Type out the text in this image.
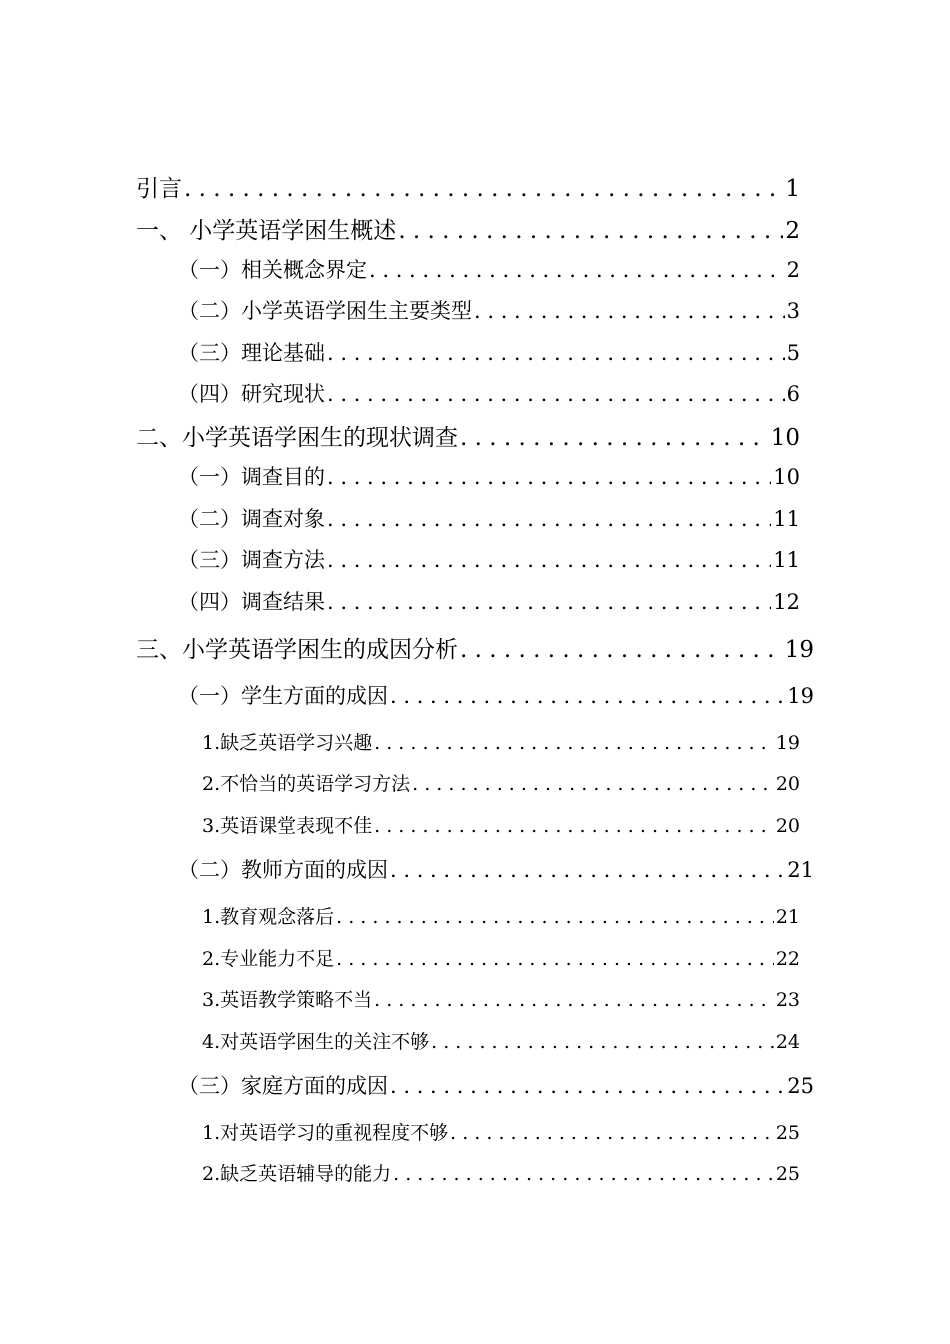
引言 . . .	1
一、 小学英语学困生概述 . . .	2
（一）相关概念界定 . . .	2
（二）小学英语学困生主要类型 . . .	3
（三）理论基础 . . .	5
（四）研究现状 . . .	6
二、小学英语学困生的现状调查 . . .	10
（一）调查目的 . . .	10
（二）调查对象 . . .	11
（三）调查方法 . . .	11
（四）调查结果 . . .	12
三、小学英语学困生的成因分析 . . .	19
（一）学生方面的成因 . . .	19
1.缺乏英语学习兴趣 . . .	19
2.不恰当的英语学习方法 . . .	20
3.英语课堂表现不佳 . . .	20
（二）教师方面的成因 . . .	21
1.教育观念落后 . . .	21
2.专业能力不足 . . .	22
3.英语教学策略不当 . . .	23
4.对英语学困生的关注不够 . . .	24
（三）家庭方面的成因 . . .	25
1.对英语学习的重视程度不够 . . .	25
2.缺乏英语辅导的能力 . . .	25
